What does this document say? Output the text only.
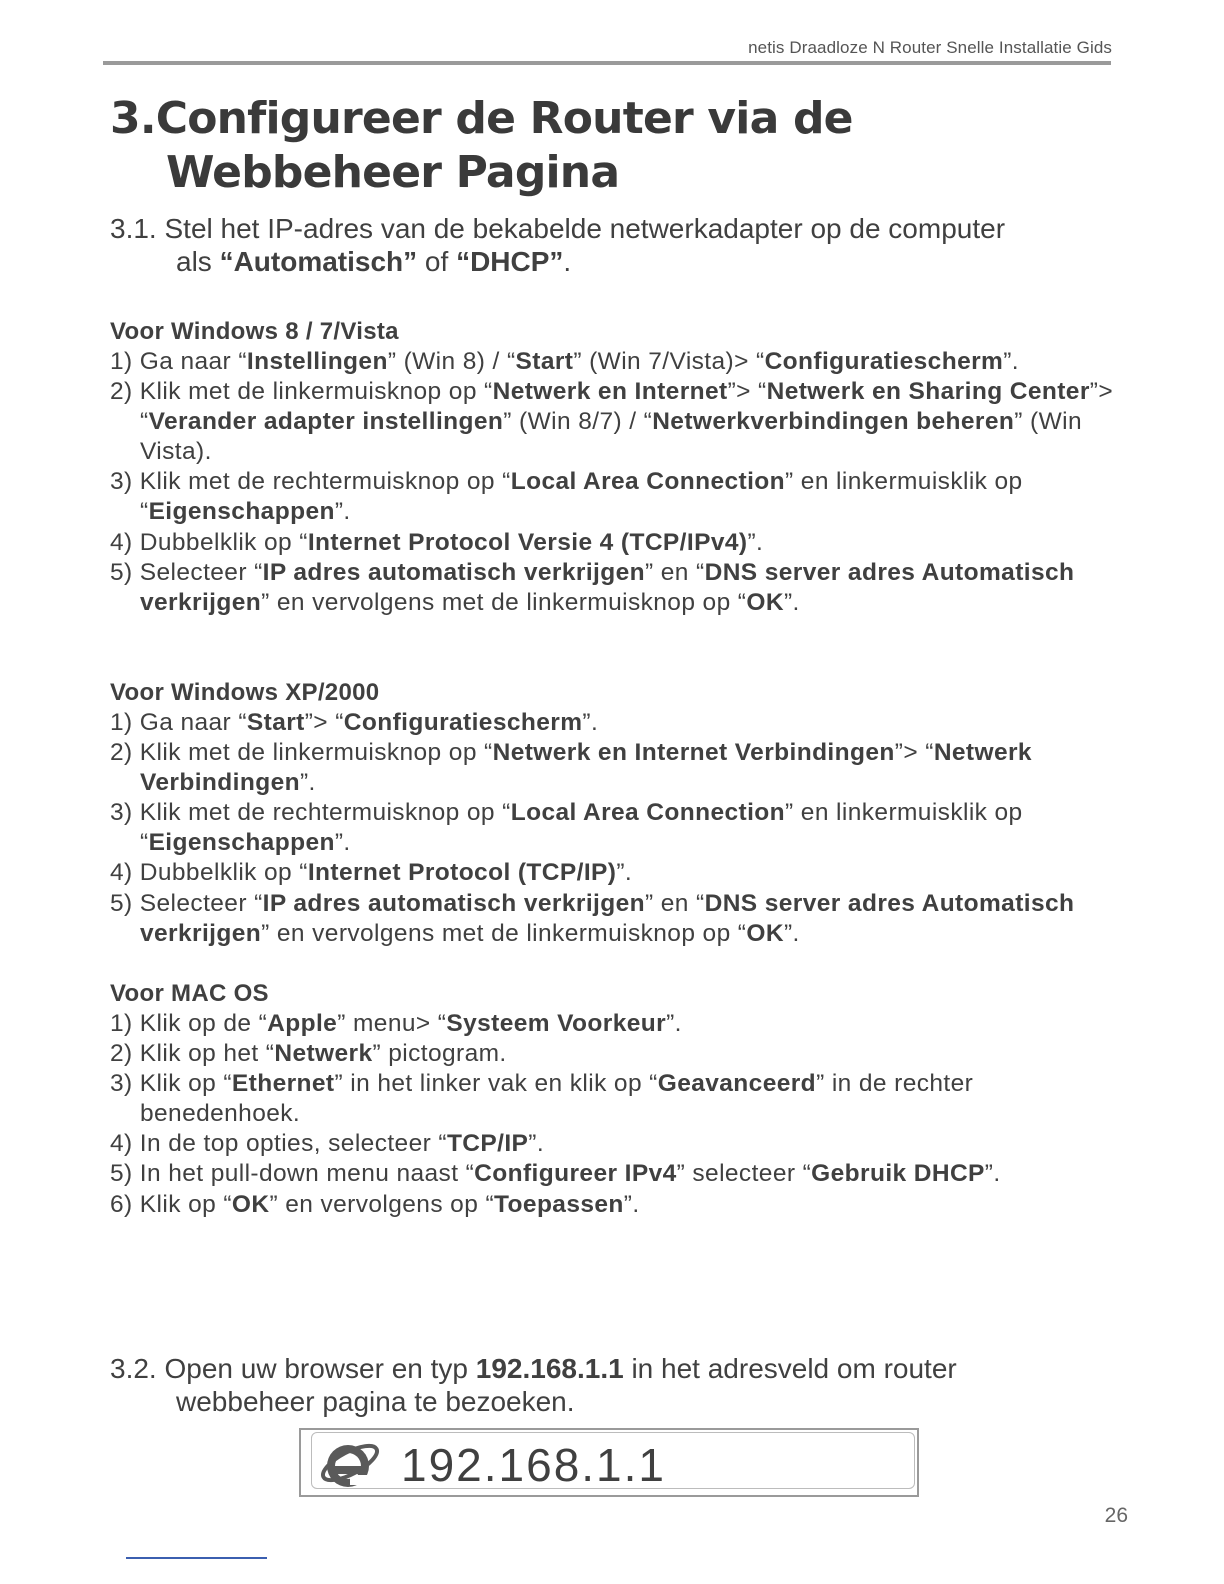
netis Draadloze N Router Snelle Installatie Gids
3.Configureer de Router via de
Webbeheer Pagina

3.1. Stel het IP-adres van de bekabelde netwerkadapter op de computer
als “Automatisch” of “DHCP”.

Voor Windows 8 / 7/Vista
1) Ga naar “Instellingen” (Win 8) / “Start” (Win 7/Vista)> “Configuratiescherm”.
2) Klik met de linkermuisknop op “Netwerk en Internet”> “Netwerk en Sharing Center”> “Verander adapter instellingen” (Win 8/7) / “Netwerkverbindingen beheren” (Win Vista).
3) Klik met de rechtermuisknop op “Local Area Connection” en linkermuisklik op “Eigenschappen”.
4) Dubbelklik op “Internet Protocol Versie 4 (TCP/IPv4)”.
5) Selecteer “IP adres automatisch verkrijgen” en “DNS server adres Automatisch verkrijgen” en vervolgens met de linkermuisknop op “OK”.
Voor Windows XP/2000
1) Ga naar “Start”> “Configuratiescherm”.
2) Klik met de linkermuisknop op “Netwerk en Internet Verbindingen”> “Netwerk Verbindingen”.
3) Klik met de rechtermuisknop op “Local Area Connection” en linkermuisklik op “Eigenschappen”.
4) Dubbelklik op “Internet Protocol (TCP/IP)”.
5) Selecteer “IP adres automatisch verkrijgen” en “DNS server adres Automatisch verkrijgen” en vervolgens met de linkermuisknop op “OK”.
Voor MAC OS
1) Klik op de “Apple” menu> “Systeem Voorkeur”.
2) Klik op het “Netwerk” pictogram.
3) Klik op “Ethernet” in het linker vak en klik op “Geavanceerd” in de rechter benedenhoek.
4) In de top opties, selecteer “TCP/IP”.
5) In het pull-down menu naast “Configureer IPv4” selecteer “Gebruik DHCP”.
6) Klik op “OK” en vervolgens op “Toepassen”.

3.2. Open uw browser en typ 192.168.1.1 in het adresveld om router
webbeheer pagina te bezoeken.

192.168.1.1
26
